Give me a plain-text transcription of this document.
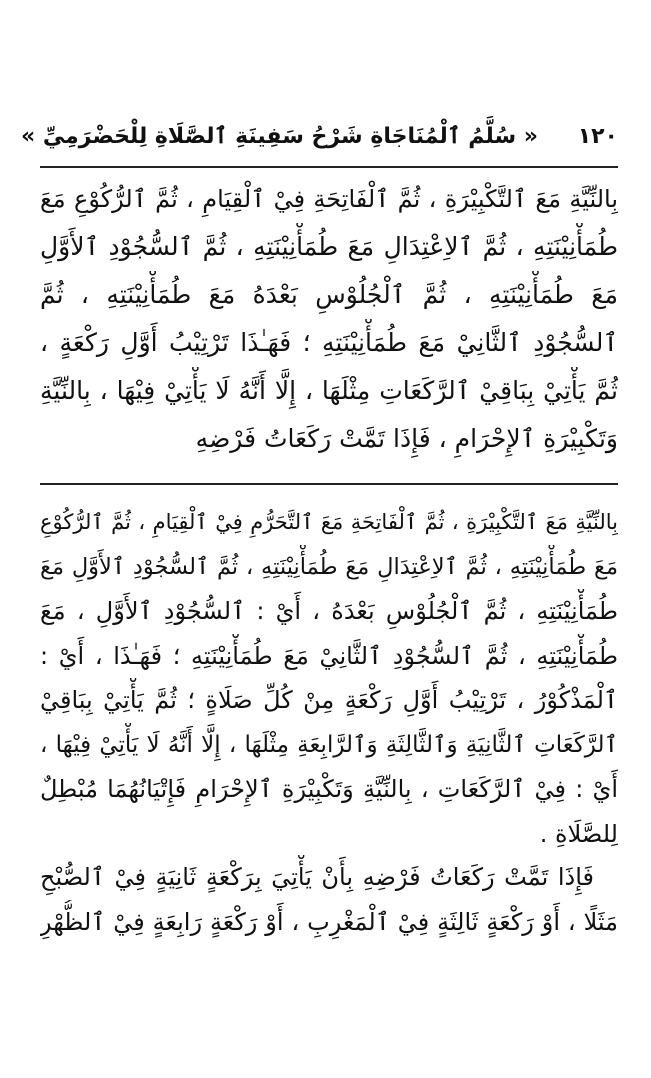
١٢٠
« سُلَّمُ ٱلْمُنَاجَاةِ شَرْحُ سَفِينَةِ ٱلصَّلَاةِ لِلْحَضْرَمِيِّ »
بِالنِّيَّةِ مَعَ ٱلتَّكْبِيْرَةِ ، ثُمَّ ٱلْفَاتِحَةِ فِيْ ٱلْقِيَامِ ، ثُمَّ ٱلرُّكُوْعِ مَعَ
طُمَأْنِيْنَتِهِ ، ثُمَّ ٱلاِعْتِدَالِ مَعَ طُمَأْنِيْنَتِهِ ، ثُمَّ ٱلسُّجُوْدِ ٱلأَوَّلِ
مَعَ طُمَأْنِيْنَتِهِ ، ثُمَّ ٱلْجُلُوْسِ بَعْدَهُ مَعَ طُمَأْنِيْنَتِهِ ، ثُمَّ
ٱلسُّجُوْدِ ٱلثَّانِيْ مَعَ طُمَأْنِيْنَتِهِ ؛ فَهَـٰذَا تَرْتِيْبُ أَوَّلِ رَكْعَةٍ ،
ثُمَّ يَأْتِيْ بِبَاقِيْ ٱلرَّكَعَاتِ مِثْلَهَا ، إِلَّا أَنَّهُ لَا يَأْتِيْ فِيْهَا ، بِالنِّيَّةِ
وَتَكْبِيْرَةِ ٱلإِحْرَامِ ، فَإِذَا تَمَّتْ رَكَعَاتُ فَرْضِهِ
بِالنِّيَّةِ مَعَ ٱلتَّكْبِيْرَةِ ، ثُمَّ ٱلْفَاتِحَةِ مَعَ ٱلتَّحَرُّمِ فِيْ ٱلْقِيَامِ ، ثُمَّ ٱلرُّكُوْعِ
مَعَ طُمَأْنِيْنَتِهِ ، ثُمَّ ٱلاِعْتِدَالِ مَعَ طُمَأْنِيْنَتِهِ ، ثُمَّ ٱلسُّجُوْدِ ٱلأَوَّلِ مَعَ
طُمَأْنِيْنَتِهِ ، ثُمَّ ٱلْجُلُوْسِ بَعْدَهُ ، أَيْ : ٱلسُّجُوْدِ ٱلأَوَّلِ ، مَعَ
طُمَأْنِيْنَتِهِ ، ثُمَّ ٱلسُّجُوْدِ ٱلثَّانِيْ مَعَ طُمَأْنِيْنَتِهِ ؛ فَهَـٰذَا ، أَيْ :
ٱلْمَذْكُوْرُ ، تَرْتِيْبُ أَوَّلِ رَكْعَةٍ مِنْ كُلِّ صَلَاةٍ ؛ ثُمَّ يَأْتِيْ بِبَاقِيْ
ٱلرَّكَعَاتِ ٱلثَّانِيَةِ وَٱلثَّالِثَةِ وَٱلرَّابِعَةِ مِثْلَهَا ، إِلَّا أَنَّهُ لَا يَأْتِيْ فِيْهَا ،
أَيْ : فِيْ ٱلرَّكَعَاتِ ، بِالنِّيَّةِ وَتَكْبِيْرَةِ ٱلإِحْرَامِ فَإِتْيَانُهُمَا مُبْطِلٌ
لِلصَّلَاةِ .
فَإِذَا تَمَّتْ رَكَعَاتُ فَرْضِهِ بِأَنْ يَأْتِيَ بِرَكْعَةٍ ثَانِيَةٍ فِيْ ٱلصُّبْحِ
مَثَلًا ، أَوْ رَكْعَةٍ ثَالِثَةٍ فِيْ ٱلْمَغْرِبِ ، أَوْ رَكْعَةٍ رَابِعَةٍ فِيْ ٱلظُّهْرِ
